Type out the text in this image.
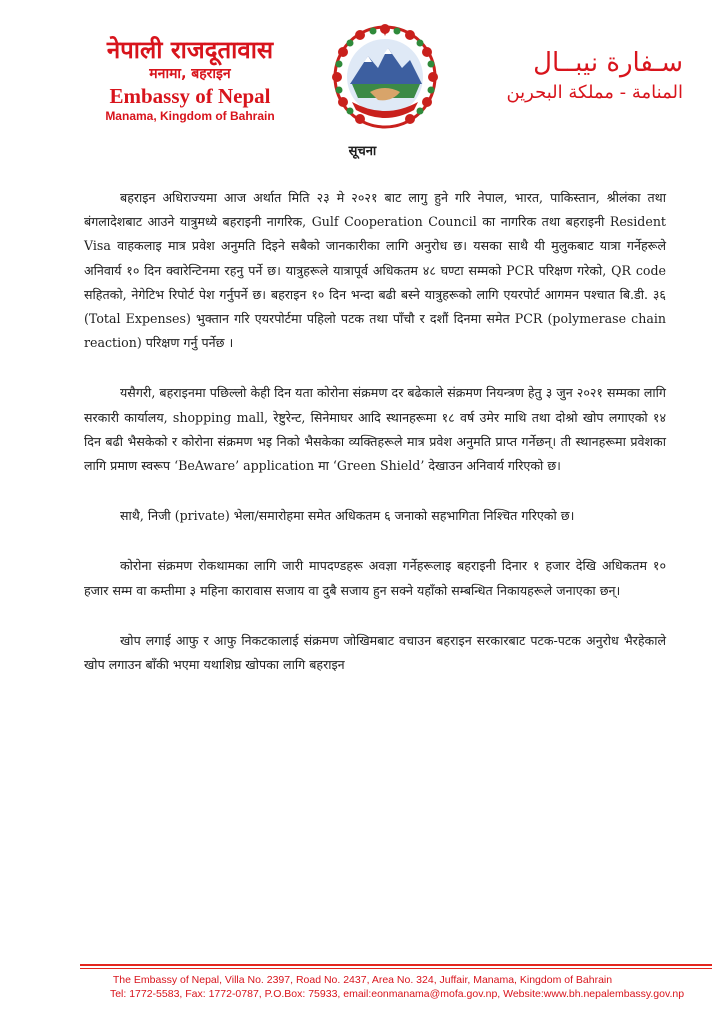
नेपाली राजदूतावास
मनामा, बहराइन
Embassy of Nepal
Manama, Kingdom of Bahrain
سـفارة نيبــال
المنامة - مملكة البحرين
सूचना

बहराइन अधिराज्यमा आज अर्थात मिति २३ मे २०२१ बाट लागु हुने गरि नेपाल, भारत, पाकिस्तान, श्रीलंका तथा बंगलादेशबाट आउने यात्रुमध्ये बहराइनी नागरिक, Gulf Cooperation Council का नागरिक तथा बहराइनी Resident Visa वाहकलाइ मात्र प्रवेश अनुमति दिइने सबैको जानकारीका लागि अनुरोध छ। यसका साथै यी मुलुकबाट यात्रा गर्नेहरूले अनिवार्य १० दिन क्वारेन्टिनमा रहनु पर्ने छ। यात्रुहरूले यात्रापूर्व अधिकतम ४८ घण्टा सम्मको PCR परिक्षण गरेको, QR code सहितको, नेगेटिभ रिपोर्ट पेश गर्नुपर्ने छ। बहराइन १० दिन भन्दा बढी बस्ने यात्रुहरूको लागि एयरपोर्ट आगमन पश्चात बि.डी. ३६ (Total Expenses) भुक्तान गरि एयरपोर्टमा पहिलो पटक तथा पाँचौ र दशौं दिनमा समेत PCR (polymerase chain reaction) परिक्षण गर्नु पर्नेछ ।

यसैगरी, बहराइनमा पछिल्लो केही दिन यता कोरोना संक्रमण दर बढेकाले संक्रमण नियन्त्रण हेतु ३ जुन २०२१ सम्मका लागि सरकारी कार्यालय, shopping mall, रेष्टुरेन्ट, सिनेमाघर आदि स्थानहरूमा १८ वर्ष उमेर माथि तथा दोश्रो खोप लगाएको १४ दिन बढी भैसकेको र कोरोना संक्रमण भइ निको भैसकेका व्यक्तिहरूले मात्र प्रवेश अनुमति प्राप्त गर्नेछन्। ती स्थानहरूमा प्रवेशका लागि प्रमाण स्वरूप ‘BeAware’ application मा ‘Green Shield’ देखाउन अनिवार्य गरिएको छ।

साथै, निजी (private) भेला/समारोहमा समेत अधिकतम ६ जनाको सहभागिता निश्चित गरिएको छ।

कोरोना संक्रमण रोकथामका लागि जारी मापदण्डहरू अवज्ञा गर्नेहरूलाइ बहराइनी दिनार १ हजार देखि अधिकतम १० हजार सम्म वा कम्तीमा ३ महिना कारावास सजाय वा दुबै सजाय हुन सक्ने यहाँको सम्बन्धित निकायहरूले जनाएका छन्।

खोप लगाई आफु र आफु निकटकालाई संक्रमण जोखिमबाट वचाउन बहराइन सरकारबाट पटक-पटक अनुरोध भैरहेकाले खोप लगाउन बाँकी भएमा यथाशिघ्र खोपका लागि बहराइन

The Embassy of Nepal, Villa No. 2397, Road No. 2437, Area No. 324, Juffair, Manama, Kingdom of Bahrain
Tel: 1772-5583, Fax: 1772-0787, P.O.Box: 75933, email:eonmanama@mofa.gov.np, Website:www.bh.nepalembassy.gov.np
